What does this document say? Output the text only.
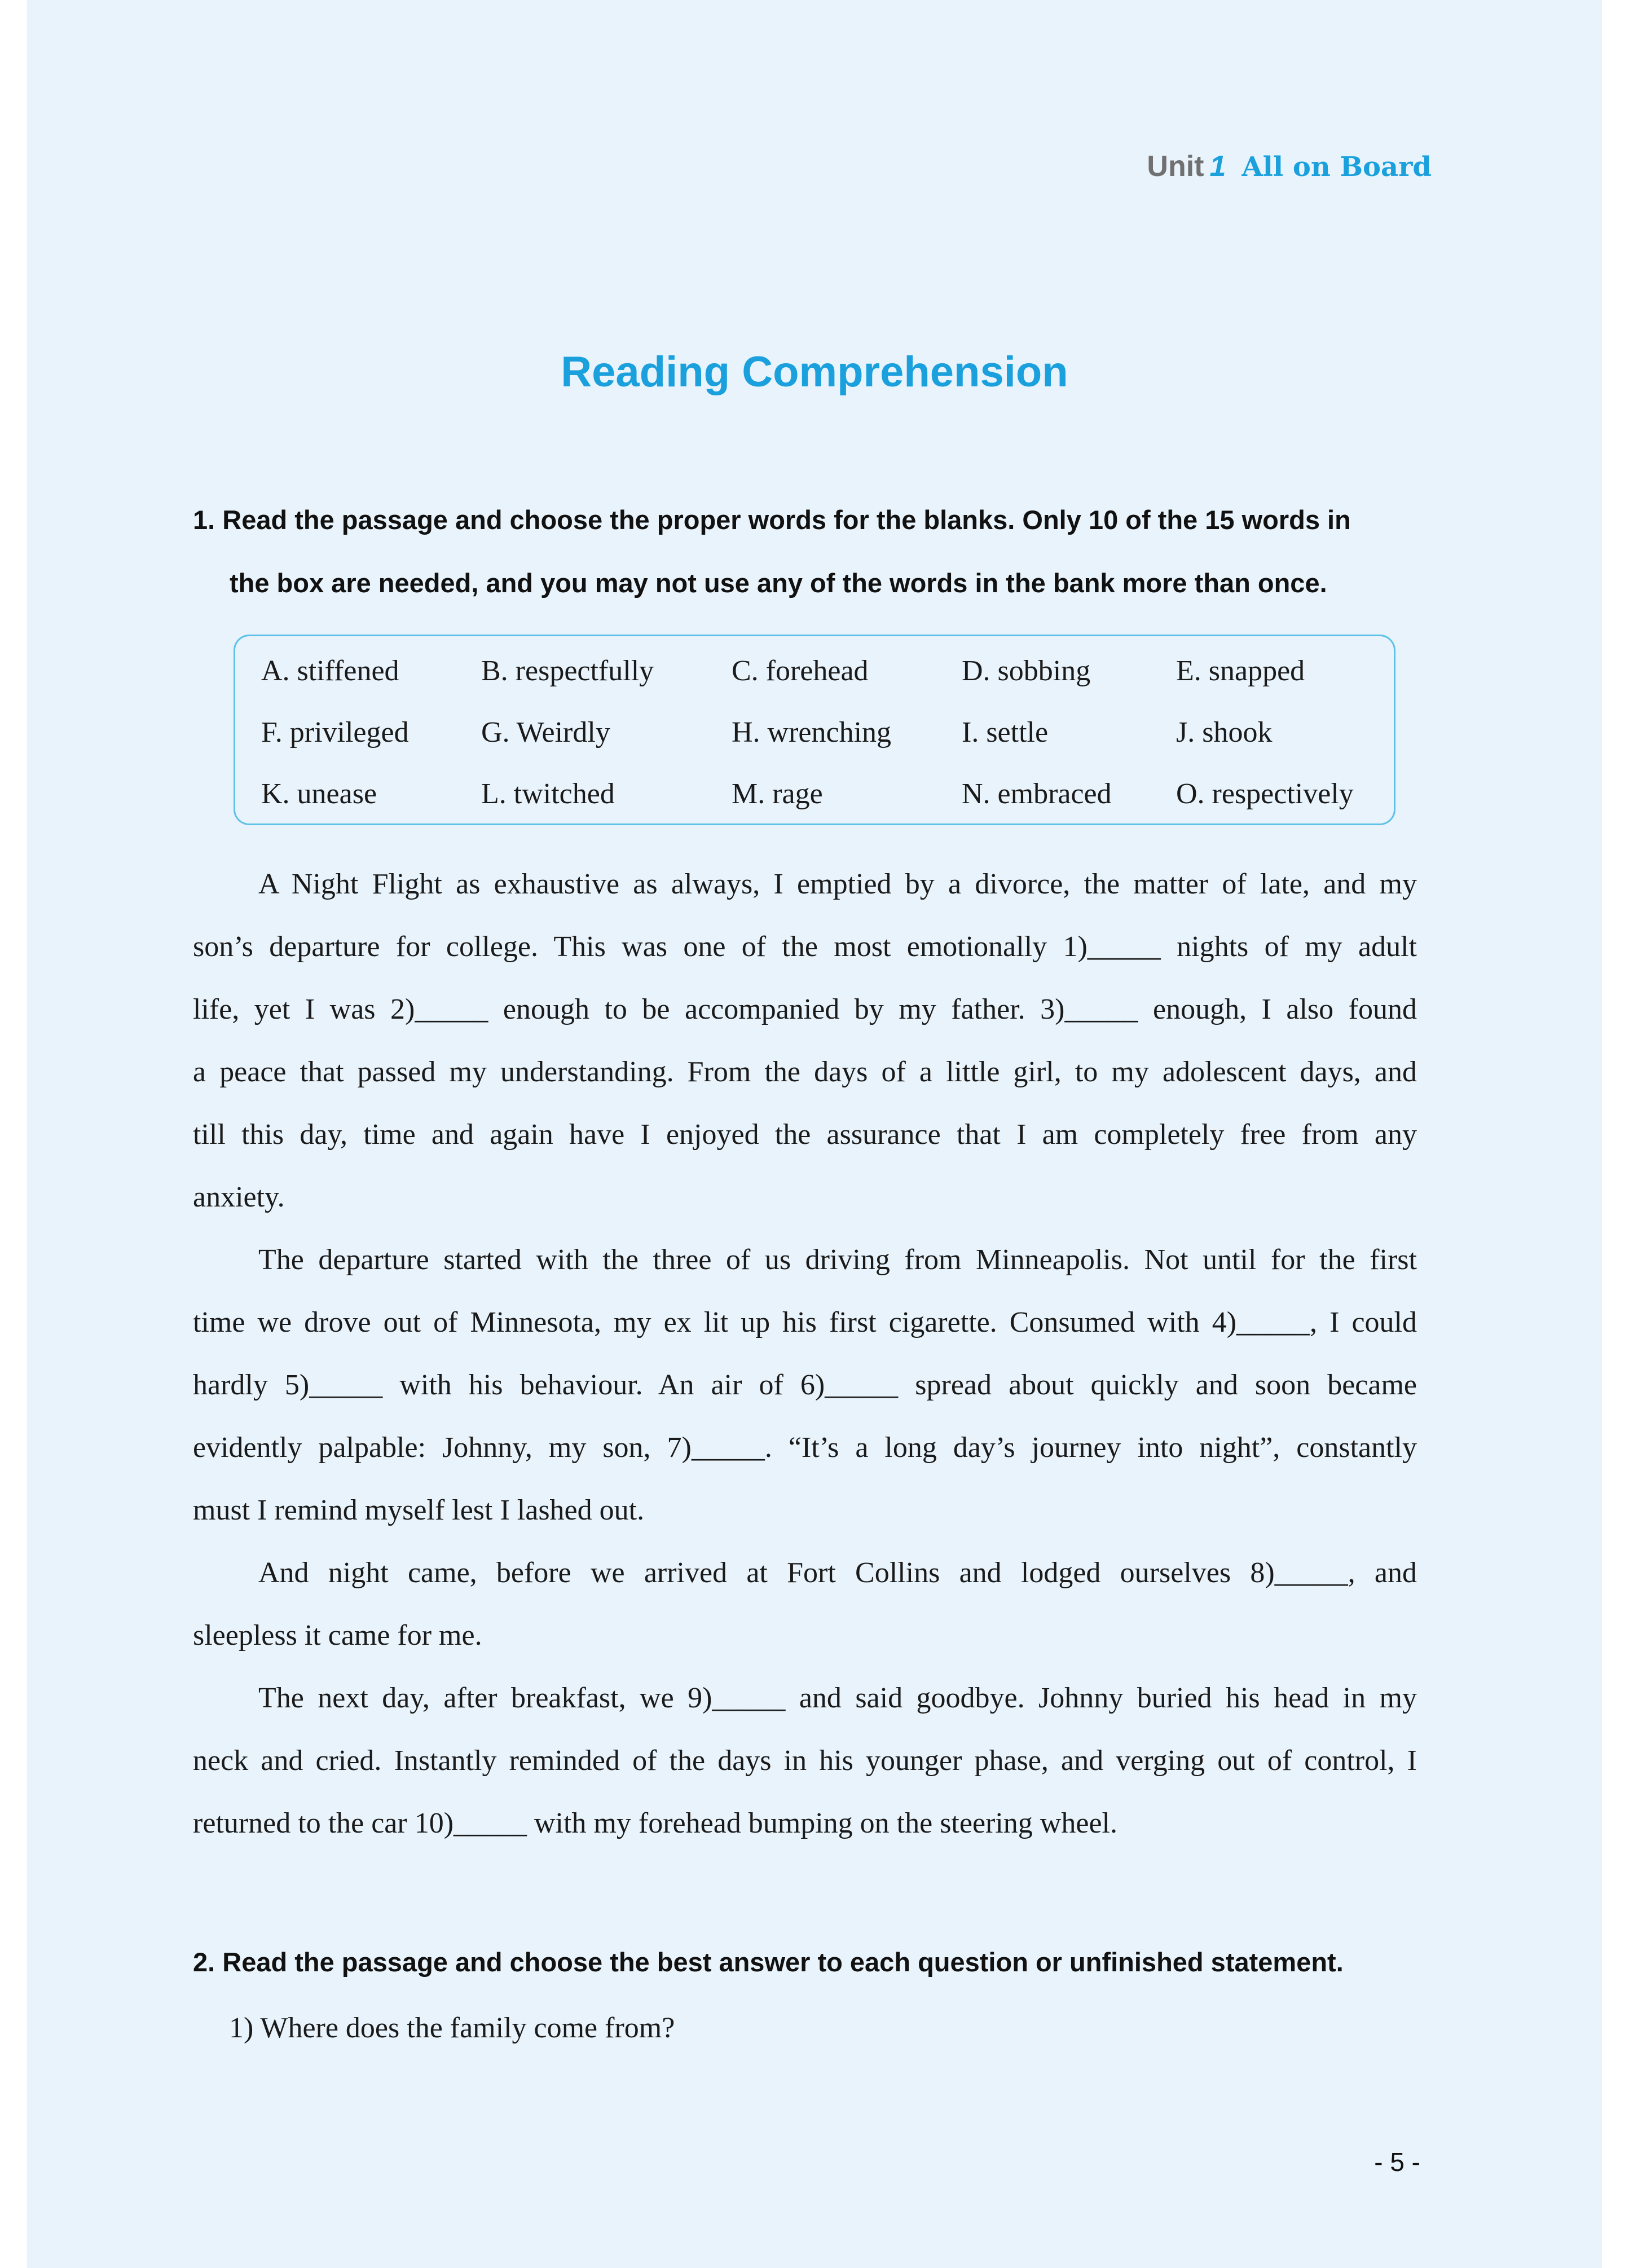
Unit 1 All on Board
Reading Comprehension
1. Read the passage and choose the proper words for the blanks. Only 10 of the 15 words in
the box are needed, and you may not use any of the words in the bank more than once.
A. stiffened	B. respectfully	C. forehead	D. sobbing	E. snapped
F. privileged G. Weirdly	H. wrenching I. settle	J. shook
K. unease	L. twitched	M. rage	N. embraced O. respectively
A Night Flight as exhaustive as always, I emptied by a divorce, the matter of late, and my
son’s departure for college. This was one of the most emotionally 1)_____ nights of my adult
life, yet I was 2)_____ enough to be accompanied by my father. 3)_____ enough, I also found
a peace that passed my understanding. From the days of a little girl, to my adolescent days, and
till this day, time and again have I enjoyed the assurance that I am completely free from any
anxiety.
The departure started with the three of us driving from Minneapolis. Not until for the first
time we drove out of Minnesota, my ex lit up his first cigarette. Consumed with 4)_____, I could
hardly 5)_____ with his behaviour. An air of 6)_____ spread about quickly and soon became
evidently palpable: Johnny, my son, 7)_____. “It’s a long day’s journey into night”, constantly
must I remind myself lest I lashed out.
And night came, before we arrived at Fort Collins and lodged ourselves 8)_____, and
sleepless it came for me.
The next day, after breakfast, we 9)_____ and said goodbye. Johnny buried his head in my
neck and cried. Instantly reminded of the days in his younger phase, and verging out of control, I
returned to the car 10)_____ with my forehead bumping on the steering wheel.
2. Read the passage and choose the best answer to each question or unfinished statement.
1) Where does the family come from?
- 5 -
